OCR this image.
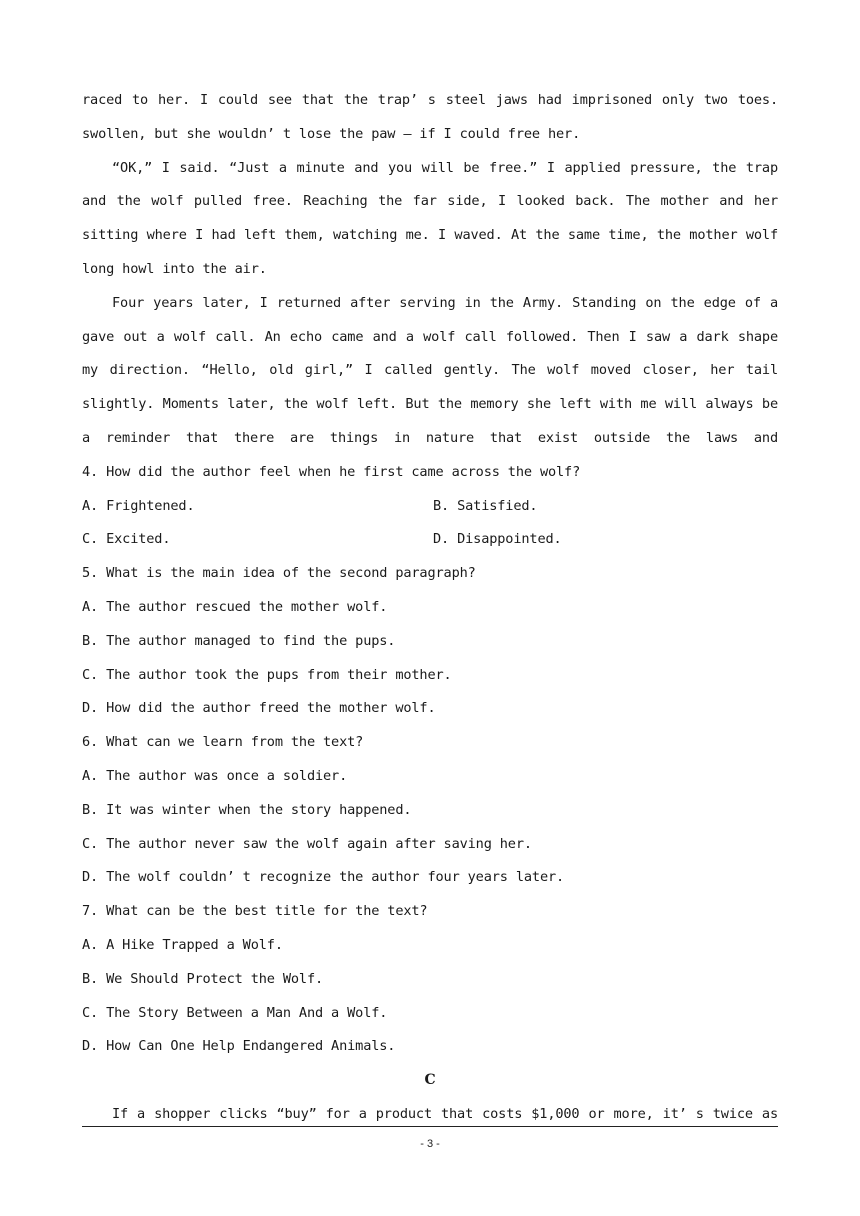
raced to her. I could see that the trap’ s steel jaws had imprisoned only two toes.
swollen, but she wouldn’ t lose the paw — if I could free her.
“OK,” I said. “Just a minute and you will be free.” I applied pressure, the trap
and the wolf pulled free. Reaching the far side, I looked back. The mother and her
sitting where I had left them, watching me. I waved. At the same time, the mother wolf
long howl into the air.
Four years later, I returned after serving in the Army. Standing on the edge of a
gave out a wolf call. An echo came and a wolf call followed. Then I saw a dark shape
my direction. “Hello, old girl,” I called gently. The wolf moved closer, her tail
slightly. Moments later, the wolf left. But the memory she left with me will always be
a reminder that there are things in nature that exist outside the laws and
4. How did the author feel when he first came across the wolf?
A. Frightened.	B. Satisfied.
C. Excited.	D. Disappointed.
5. What is the main idea of the second paragraph?
A. The author rescued the mother wolf.
B. The author managed to find the pups.
C. The author took the pups from their mother.
D. How did the author freed the mother wolf.
6. What can we learn from the text?
A. The author was once a soldier.
B. It was winter when the story happened.
C. The author never saw the wolf again after saving her.
D. The wolf couldn’ t recognize the author four years later.
7. What can be the best title for the text?
A. A Hike Trapped a Wolf.
B. We Should Protect the Wolf.
C. The Story Between a Man And a Wolf.
D. How Can One Help Endangered Animals.
C
If a shopper clicks “buy” for a product that costs $1,000 or more, it’ s twice as
- 3 -
